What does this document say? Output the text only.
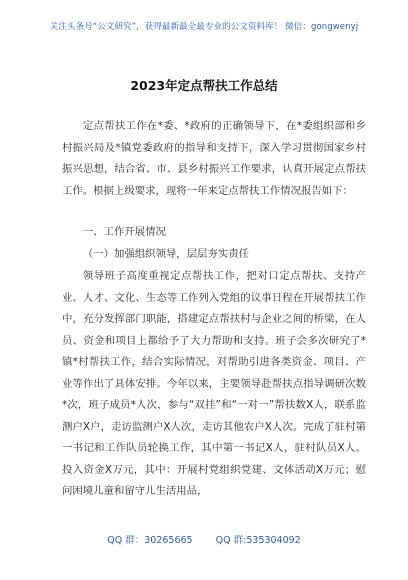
关注头条号“公文研究”，获得最新最全最专业的公文资料库！ 微信：gongwenyj
2023年定点帮扶工作总结

定点帮扶工作在*委、*政府的正确领导下，在*委组织部和乡村振兴局及*镇党委政府的指导和支持下，深入学习贯彻国家乡村振兴思想，结合省、市、县乡村振兴工作要求，认真开展定点帮扶工作。根据上级要求，现将一年来定点帮扶工作情况报告如下：

一、工作开展情况

（一）加强组织领导，层层夯实责任

领导班子高度重视定点帮扶工作，把对口定点帮扶、支持产业、人才、文化、生态等工作列入党组的议事日程在开展帮扶工作中，充分发挥部门职能，搭建定点帮扶村与企业之间的桥梁，在人员、资金和项目上都给予了大力帮助和支持。班子会多次研究了*镇*村帮扶工作，结合实际情况，对帮助引进各类资金、项目、产业等作出了具体安排。今年以来，主要领导赴帮扶点指导调研次数*次，班子成员*人次，参与“双挂”和“一对一”帮扶数X人，联系监测户X户，走访监测户X人次，走访其他农户X人次。完成了驻村第一书记和工作队员轮换工作，其中第一书记X人，驻村队员X人。投入资金X万元，其中：开展村党组织党建、文体活动X万元；慰问困境儿童和留守儿生活用品，

QQ 群：30265665 QQ 群:535304092
